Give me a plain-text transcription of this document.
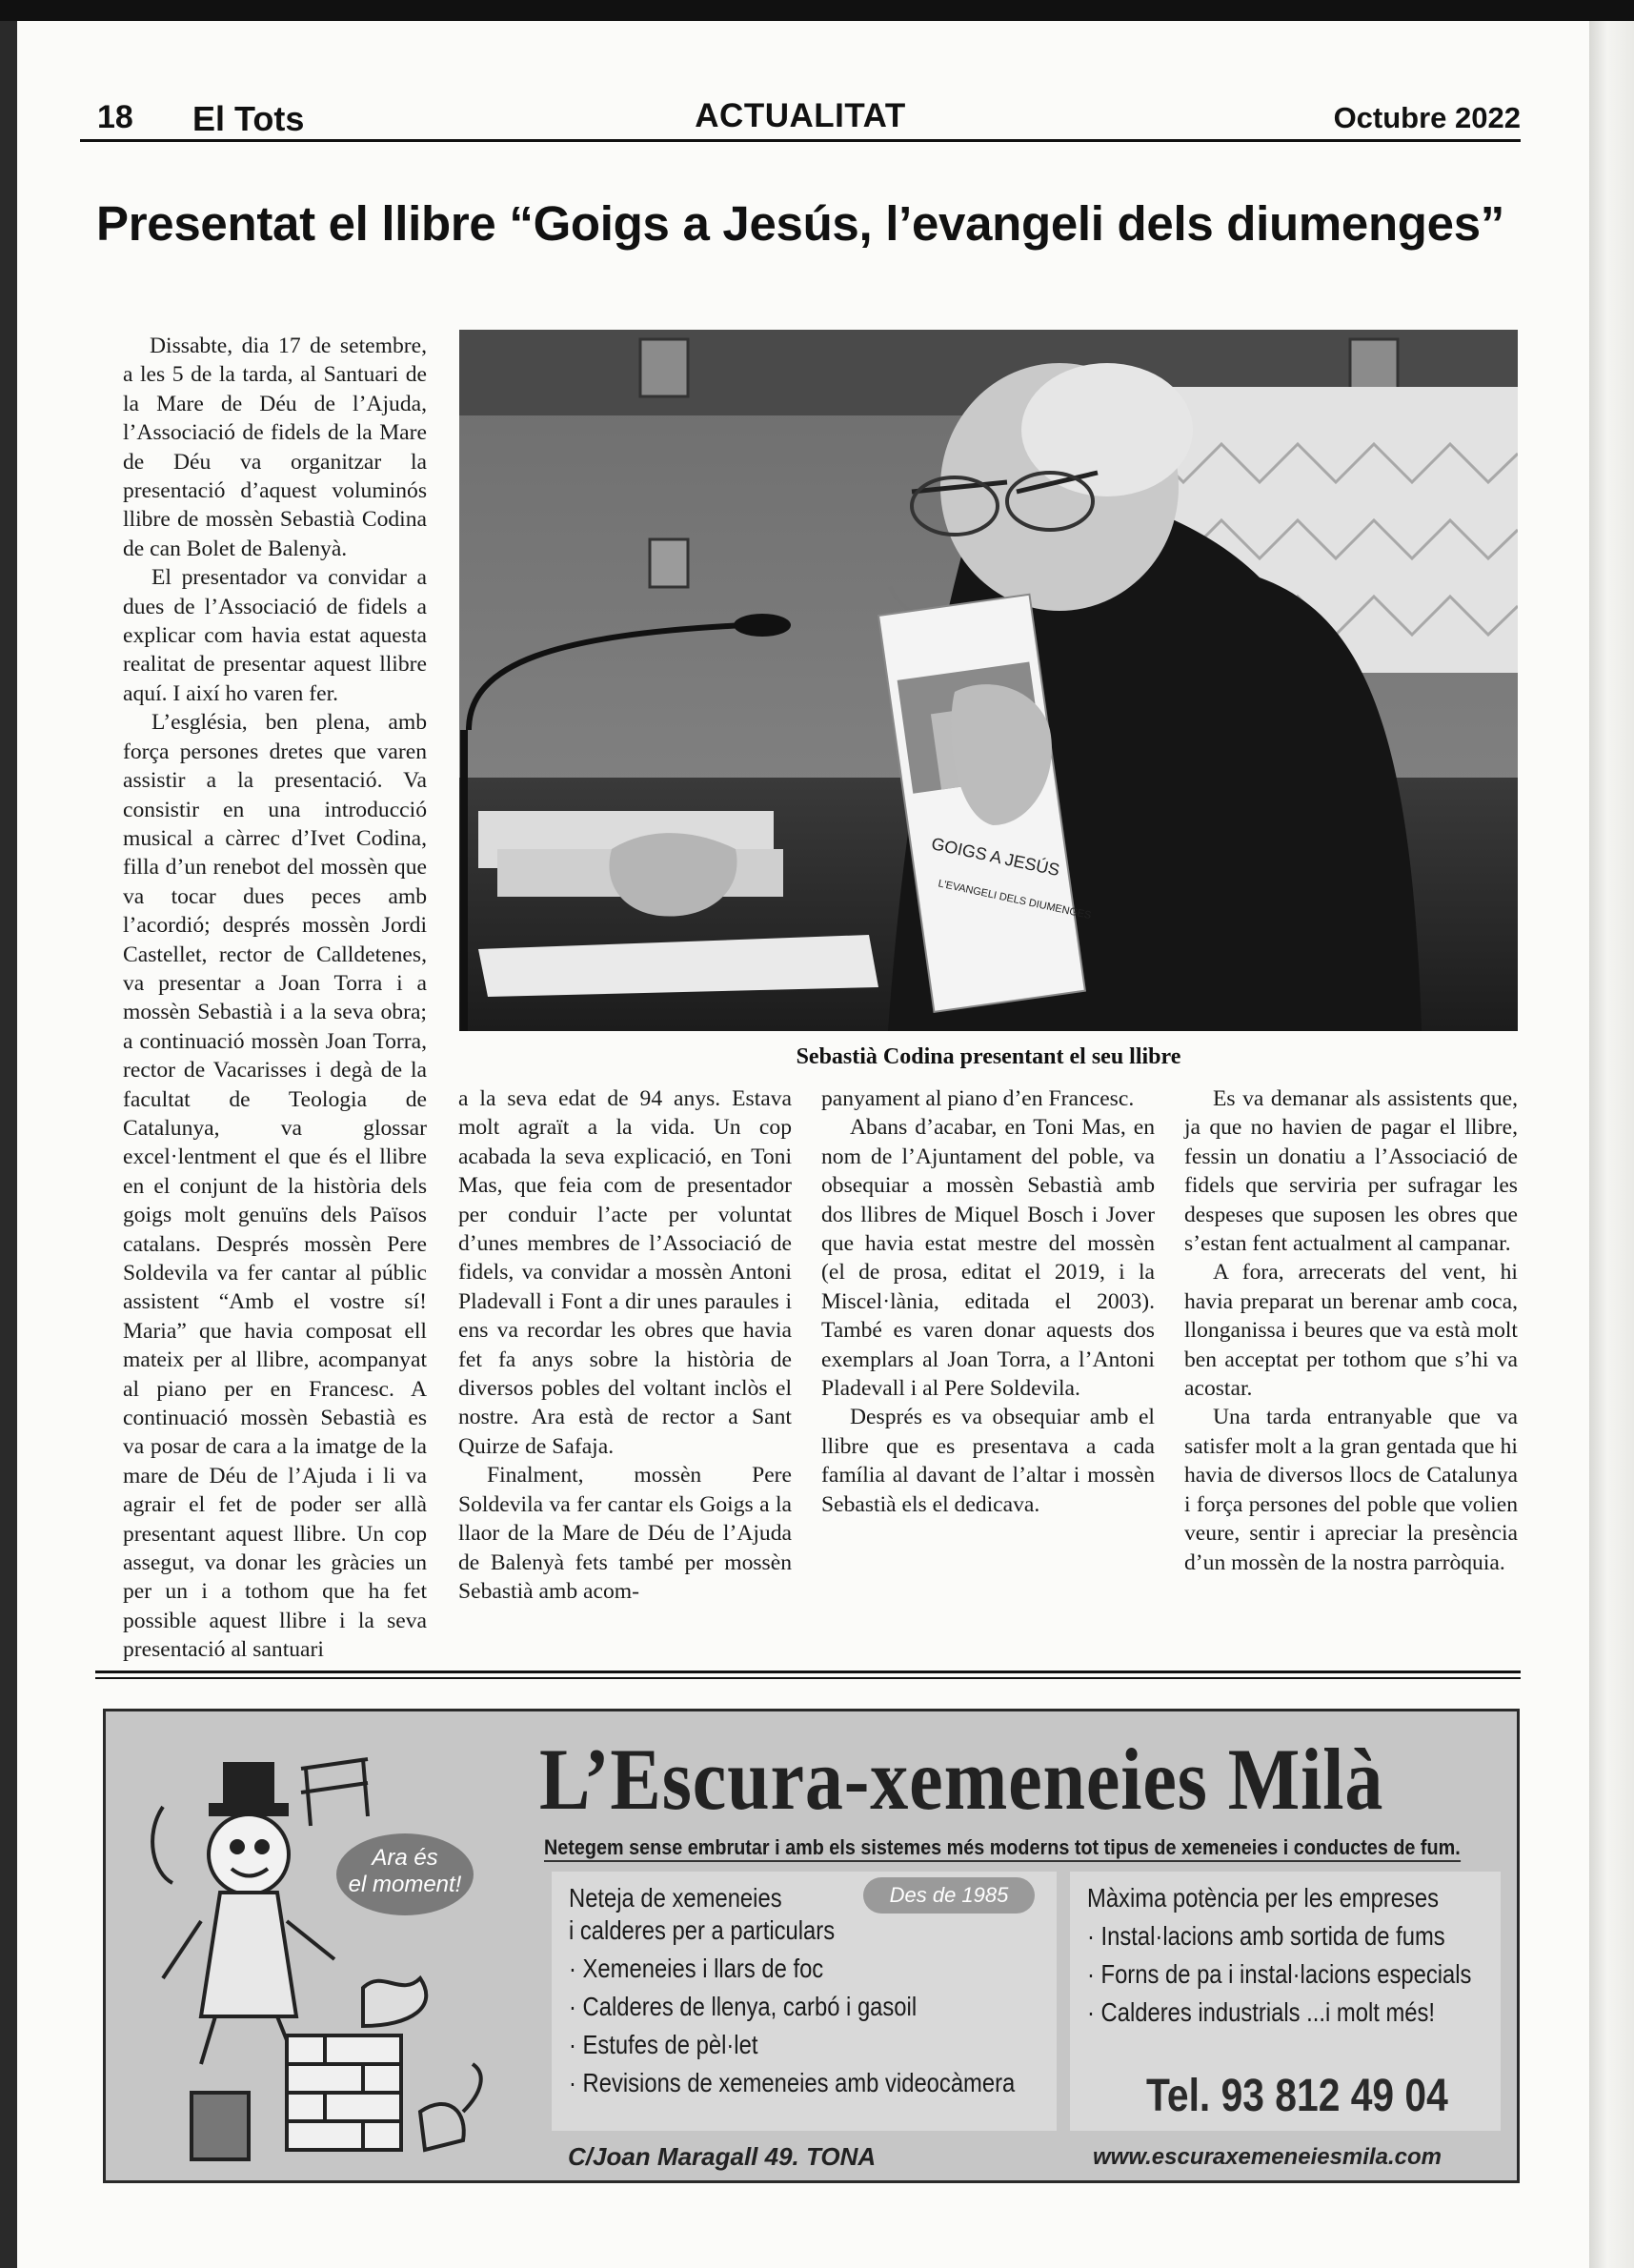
18 El Tots	ACTUALITAT	Octubre 2022
Presentat el llibre “Goigs a Jesús, l’evangeli dels diumenges”

Dissabte, dia 17 de setembre, a les 5 de la tarda, al Santuari de la Mare de Déu de l’Ajuda, l’Associació de fidels de la Mare de Déu va organitzar la presentació d’aquest voluminós llibre de mossèn Sebastià Codina de can Bolet de Balenyà.

El presentador va convidar a dues de l’Associació de fidels a explicar com havia estat aquesta realitat de presentar aquest llibre aquí. I així ho varen fer.

L’església, ben plena, amb força persones dretes que varen assistir a la presentació. Va consistir en una introducció musical a càrrec d’Ivet Codina, filla d’un renebot del mossèn que va tocar dues peces amb l’acordió; després mossèn Jordi Castellet, rector de Calldetenes, va presentar a Joan Torra i a mossèn Sebastià i a la seva obra; a continuació mossèn Joan Torra, rector de Vacarisses i degà de la facultat de Teologia de Catalunya, va glossar excel·lentment el que és el llibre en el conjunt de la història dels goigs molt genuïns dels Països catalans. Després mossèn Pere Soldevila va fer cantar al públic assistent “Amb el vostre sí! Maria” que havia composat ell mateix per al llibre, acompanyat al piano per en Francesc. A continuació mossèn Sebastià es va posar de cara a la imatge de la mare de Déu de l’Ajuda i li va agrair el fet de poder ser allà presentant aquest llibre. Un cop assegut, va donar les gràcies un per un i a tothom que ha fet possible aquest llibre i la seva presentació al santuari

GOIGS A JESÚS
L'EVANGELI DELS DIUMENGES
Sebastià Codina presentant el seu llibre

a la seva edat de 94 anys. Estava molt agraït a la vida. Un cop acabada la seva explicació, en Toni Mas, que feia com de presentador per conduir l’acte per voluntat d’unes membres de l’Associació de fidels, va convidar a mossèn Antoni Pladevall i Font a dir unes paraules i ens va recordar les obres que havia fet fa anys sobre la història de diversos pobles del voltant inclòs el nostre. Ara està de rector a Sant Quirze de Safaja.

Finalment, mossèn Pere Soldevila va fer cantar els Goigs a la llaor de la Mare de Déu de l’Ajuda de Balenyà fets també per mossèn Sebastià amb acom-

panyament al piano d’en Francesc.

Abans d’acabar, en Toni Mas, en nom de l’Ajuntament del poble, va obsequiar a mossèn Sebastià amb dos llibres de Miquel Bosch i Jover que havia estat mestre del mossèn (el de prosa, editat el 2019, i la Miscel·lània, editada el 2003). També es varen donar aquests dos exemplars al Joan Torra, a l’Antoni Pladevall i al Pere Soldevila.

Després es va obsequiar amb el llibre que es presentava a cada família al davant de l’altar i mossèn Sebastià els el dedicava.

Es va demanar als assistents que, ja que no havien de pagar el llibre, fessin un donatiu a l’Associació de fidels que serviria per sufragar les despeses que suposen les obres que s’estan fent actualment al campanar.

A fora, arrecerats del vent, hi havia preparat un berenar amb coca, llonganissa i beures que va està molt ben acceptat per tothom que s’hi va acostar.

Una tarda entranyable que va satisfer molt a la gran gentada que hi havia de diversos llocs de Catalunya i força persones del poble que volien veure, sentir i apreciar la presència d’un mossèn de la nostra parròquia.

Ara és
el moment!
L’Escura-xemeneies Milà
Netegem sense embrutar i amb els sistemes més moderns tot tipus de xemeneies i conductes de fum.
Neteja de xemeneies
i calderes per a particulars
· Xemeneies i llars de foc
· Calderes de llenya, carbó i gasoil
· Estufes de pèl·let
· Revisions de xemeneies amb videocàmera
Des de 1985	Màxima potència per les empreses
· Instal·lacions amb sortida de fums
· Forns de pa i instal·lacions especials
· Calderes industrials ...i molt més!
Tel. 93 812 49 04
C/Joan Maragall 49. TONA	www.escuraxemeneiesmila.com
